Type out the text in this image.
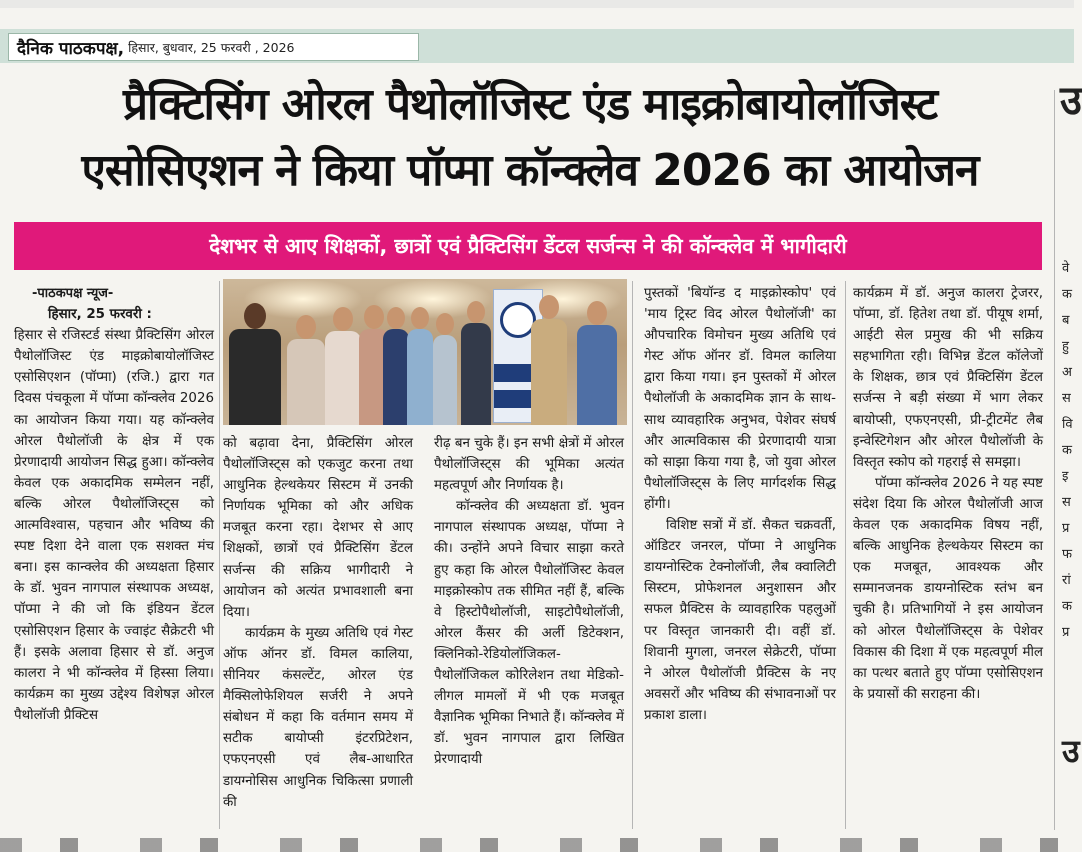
दैनिक पाठकपक्ष, हिसार, बुधवार, 25 फरवरी , 2026
प्रैक्टिसिंग ओरल पैथोलॉजिस्ट एंड माइक्रोबायोलॉजिस्ट
एसोसिएशन ने किया पॉप्मा कॉन्क्लेव 2026 का आयोजन
देशभर से आए शिक्षकों, छात्रों एवं प्रैक्टिसिंग डेंटल सर्जन्स ने की कॉन्क्लेव में भागीदारी

-पाठकपक्ष न्यूज-

हिसार, 25 फरवरी :

हिसार से रजिस्टर्ड संस्था प्रैक्टिसिंग ओरल पैथोलॉजिस्ट एंड माइक्रोबायोलॉजिस्ट एसोसिएशन (पॉप्मा) (रजि.) द्वारा गत दिवस पंचकूला में पॉप्मा कॉन्क्लेव 2026 का आयोजन किया गया। यह कॉन्क्लेव ओरल पैथोलॉजी के क्षेत्र में एक प्रेरणादायी आयोजन सिद्ध हुआ। कॉन्क्लेव केवल एक अकादमिक सम्मेलन नहीं, बल्कि ओरल पैथोलॉजिस्ट्स को आत्मविश्वास, पहचान और भविष्य की स्पष्ट दिशा देने वाला एक सशक्त मंच बना। इस कान्क्लेव की अध्यक्षता हिसार के डॉ. भुवन नागपाल संस्थापक अध्यक्ष, पॉप्मा ने की जो कि इंडियन डेंटल एसोसिएशन हिसार के ज्वाइंट सैक्रेटरी भी हैं। इसके अलावा हिसार से डॉ. अनुज कालरा ने भी कॉन्क्लेव में हिस्सा लिया। कार्यक्रम का मुख्य उद्देश्य विशेषज्ञ ओरल पैथोलॉजी प्रैक्टिस

को बढ़ावा देना, प्रैक्टिसिंग ओरल पैथोलॉजिस्ट्स को एकजुट करना तथा आधुनिक हेल्थकेयर सिस्टम में उनकी निर्णायक भूमिका को और अधिक मजबूत करना रहा। देशभर से आए शिक्षकों, छात्रों एवं प्रैक्टिसिंग डेंटल सर्जन्स की सक्रिय भागीदारी ने आयोजन को अत्यंत प्रभावशाली बना दिया।

कार्यक्रम के मुख्य अतिथि एवं गेस्ट ऑफ ऑनर डॉ. विमल कालिया, सीनियर कंसल्टेंट, ओरल एंड मैक्सिलोफेशियल सर्जरी ने अपने संबोधन में कहा कि वर्तमान समय में सटीक बायोप्सी इंटरप्रिटेशन, एफएनएसी एवं लैब-आधारित डायग्नोसिस आधुनिक चिकित्सा प्रणाली की

रीढ़ बन चुके हैं। इन सभी क्षेत्रों में ओरल पैथोलॉजिस्ट्स की भूमिका अत्यंत महत्वपूर्ण और निर्णायक है।

कॉन्क्लेव की अध्यक्षता डॉ. भुवन नागपाल संस्थापक अध्यक्ष, पॉप्मा ने की। उन्होंने अपने विचार साझा करते हुए कहा कि ओरल पैथोलॉजिस्ट केवल माइक्रोस्कोप तक सीमित नहीं हैं, बल्कि वे हिस्टोपैथोलॉजी, साइटोपैथोलॉजी, ओरल कैंसर की अर्ली डिटेक्शन, क्लिनिको-रेडियोलॉजिकल-पैथोलॉजिकल कोरिलेशन तथा मेडिको-लीगल मामलों में भी एक मजबूत वैज्ञानिक भूमिका निभाते हैं। कॉन्क्लेव में डॉ. भुवन नागपाल द्वारा लिखित प्रेरणादायी

पुस्तकों 'बियॉन्ड द माइक्रोस्कोप' एवं 'माय ट्रिस्ट विद ओरल पैथोलॉजी' का औपचारिक विमोचन मुख्य अतिथि एवं गेस्ट ऑफ ऑनर डॉ. विमल कालिया द्वारा किया गया। इन पुस्तकों में ओरल पैथोलॉजी के अकादमिक ज्ञान के साथ-साथ व्यावहारिक अनुभव, पेशेवर संघर्ष और आत्मविकास की प्रेरणादायी यात्रा को साझा किया गया है, जो युवा ओरल पैथोलॉजिस्ट्स के लिए मार्गदर्शक सिद्ध होंगी।

विशिष्ट सत्रों में डॉ. सैकत चक्रवर्ती, ऑडिटर जनरल, पॉप्मा ने आधुनिक डायग्नोस्टिक टेक्नोलॉजी, लैब क्वालिटी सिस्टम, प्रोफेशनल अनुशासन और सफल प्रैक्टिस के व्यावहारिक पहलुओं पर विस्तृत जानकारी दी। वहीं डॉ. शिवानी मुगला, जनरल सेक्रेटरी, पॉप्मा ने ओरल पैथोलॉजी प्रैक्टिस के नए अवसरों और भविष्य की संभावनाओं पर प्रकाश डाला।

कार्यक्रम में डॉ. अनुज कालरा ट्रेजरर, पॉप्मा, डॉ. हितेश तथा डॉ. पीयूष शर्मा, आईटी सेल प्रमुख की भी सक्रिय सहभागिता रही। विभिन्न डेंटल कॉलेजों के शिक्षक, छात्र एवं प्रैक्टिसिंग डेंटल सर्जन्स ने बड़ी संख्या में भाग लेकर बायोप्सी, एफएनएसी, प्री-ट्रीटमेंट लैब इन्वेस्टिगेशन और ओरल पैथोलॉजी के विस्तृत स्कोप को गहराई से समझा।

पॉप्मा कॉन्क्लेव 2026 ने यह स्पष्ट संदेश दिया कि ओरल पैथोलॉजी आज केवल एक अकादमिक विषय नहीं, बल्कि आधुनिक हेल्थकेयर सिस्टम का एक मजबूत, आवश्यक और सम्मानजनक डायग्नोस्टिक स्तंभ बन चुकी है। प्रतिभागियों ने इस आयोजन को ओरल पैथोलॉजिस्ट्स के पेशेवर विकास की दिशा में एक महत्वपूर्ण मील का पत्थर बताते हुए पॉप्मा एसोसिएशन के प्रयासों की सराहना की।

उ
वे
क
ब
हु
अ
स
वि
क
इ
स
प्र
फ
रां
क
प्र
उ
